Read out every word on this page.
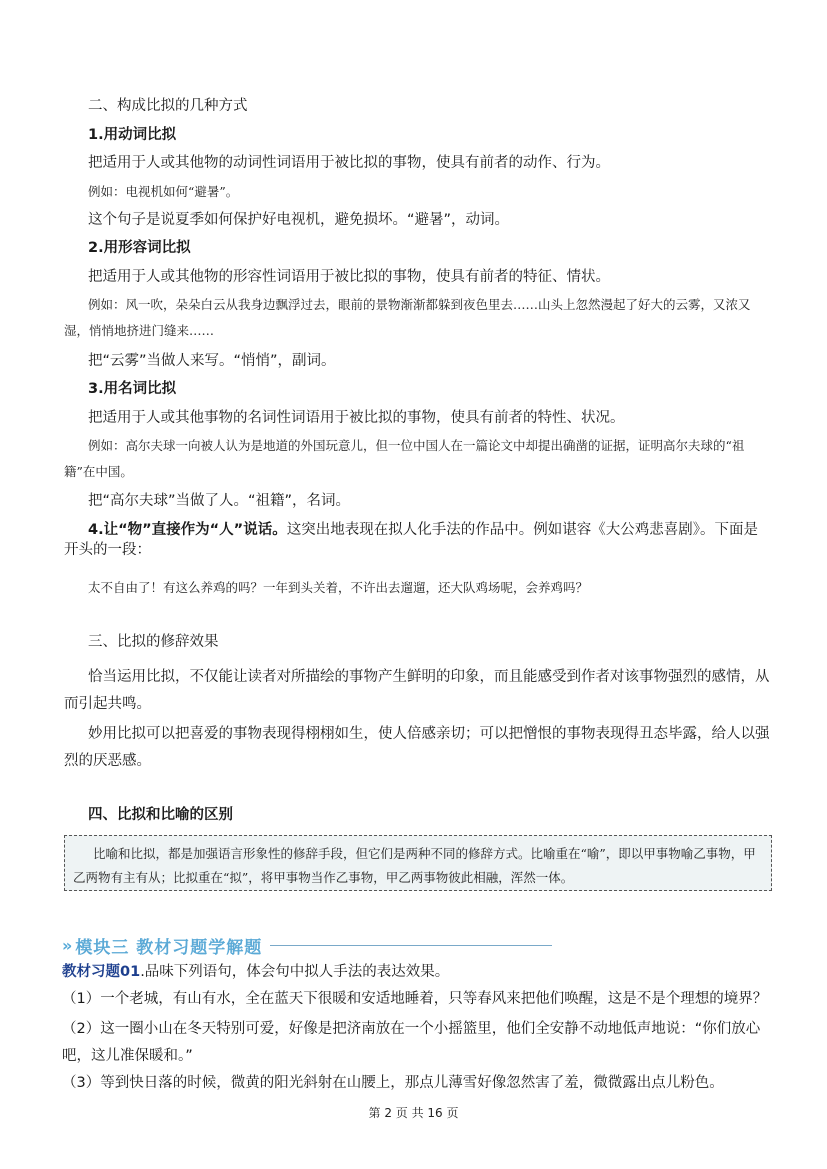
二、构成比拟的几种方式
1.用动词比拟
把适用于人或其他物的动词性词语用于被比拟的事物，使具有前者的动作、行为。
例如：电视机如何“避暑”。
这个句子是说夏季如何保护好电视机，避免损坏。“避暑”，动词。
2.用形容词比拟
把适用于人或其他物的形容性词语用于被比拟的事物，使具有前者的特征、情状。
例如：风一吹，朵朵白云从我身边飘浮过去，眼前的景物渐渐都躲到夜色里去……山头上忽然漫起了好大的云雾，又浓又湿，悄悄地挤进门缝来……
把“云雾”当做人来写。“悄悄”，副词。
3.用名词比拟
把适用于人或其他事物的名词性词语用于被比拟的事物，使具有前者的特性、状况。
例如：高尔夫球一向被人认为是地道的外国玩意儿，但一位中国人在一篇论文中却提出确凿的证据，证明高尔夫球的“祖籍”在中国。
把“高尔夫球”当做了人。“祖籍”，名词。
4.让“物”直接作为“人”说话。这突出地表现在拟人化手法的作品中。例如谌容《大公鸡悲喜剧》。下面是开头的一段：
太不自由了！有这么养鸡的吗？一年到头关着，不许出去遛遛，还大队鸡场呢，会养鸡吗？
三、比拟的修辞效果
恰当运用比拟，不仅能让读者对所描绘的事物产生鲜明的印象，而且能感受到作者对该事物强烈的感情，从而引起共鸣。
妙用比拟可以把喜爱的事物表现得栩栩如生，使人倍感亲切；可以把憎恨的事物表现得丑态毕露，给人以强烈的厌恶感。
四、比拟和比喻的区别
比喻和比拟，都是加强语言形象性的修辞手段，但它们是两种不同的修辞方式。比喻重在“喻”，即以甲事物喻乙事物，甲乙两物有主有从；比拟重在“拟”，将甲事物当作乙事物，甲乙两事物彼此相融，浑然一体。
» 模块三 教材习题学解题
教材习题01.品味下列语句，体会句中拟人手法的表达效果。
（1）一个老城，有山有水，全在蓝天下很暖和安适地睡着，只等春风来把他们唤醒，这是不是个理想的境界？
（2）这一圈小山在冬天特别可爱，好像是把济南放在一个小摇篮里，他们全安静不动地低声地说：“你们放心吧，这儿准保暖和。”
（3）等到快日落的时候，微黄的阳光斜射在山腰上，那点儿薄雪好像忽然害了羞，微微露出点儿粉色。
第 2 页 共 16 页
